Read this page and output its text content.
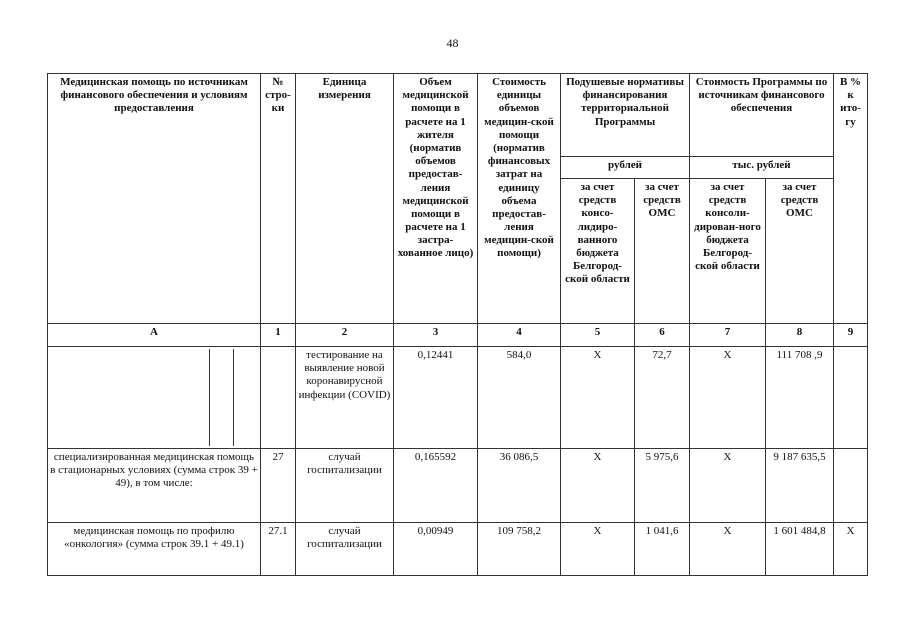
48
Медицинская помощь по источникам финансового обеспечения и условиям предоставления	№ стро-ки	Единица измерения	Объем медицинской помощи в расчете на 1 жителя (норматив объемов предостав-ления медицинской помощи в расчете на 1 застра-хованное лицо)	Стоимость единицы объемов медицин-ской помощи (норматив финансовых затрат на единицу объема предостав-ления медицин-ской помощи)	Подушевые нормативы финансирования территориальной Программы		Стоимость Программы по источникам финансового обеспечения		В % к ито-гу
					рублей		тыс. рублей		
					за счет средств консо-лидиро-ванного бюджета Белгород-ской области	за счет средств ОМС	за счет средств консоли-дирован-ного бюджета Белгород-ской области	за счет средств ОМС	
А	1	2	3	4	5	6	7	8	9

		тестирование на выявление новой коронавирусной инфекции (COVID)	0,12441	584,0	Х	72,7	Х	111 708 ,9	
специализированная медицинская помощь в стационарных условиях (сумма строк 39 + 49), в том числе:	27	случай госпитализации	0,165592	36 086,5	Х	5 975,6	Х	9 187 635,5	
медицинская помощь по профилю «онкология» (сумма строк 39.1 + 49.1)	27.1	случай госпитализации	0,00949	109 758,2	Х	1 041,6	Х	1 601 484,8	Х
